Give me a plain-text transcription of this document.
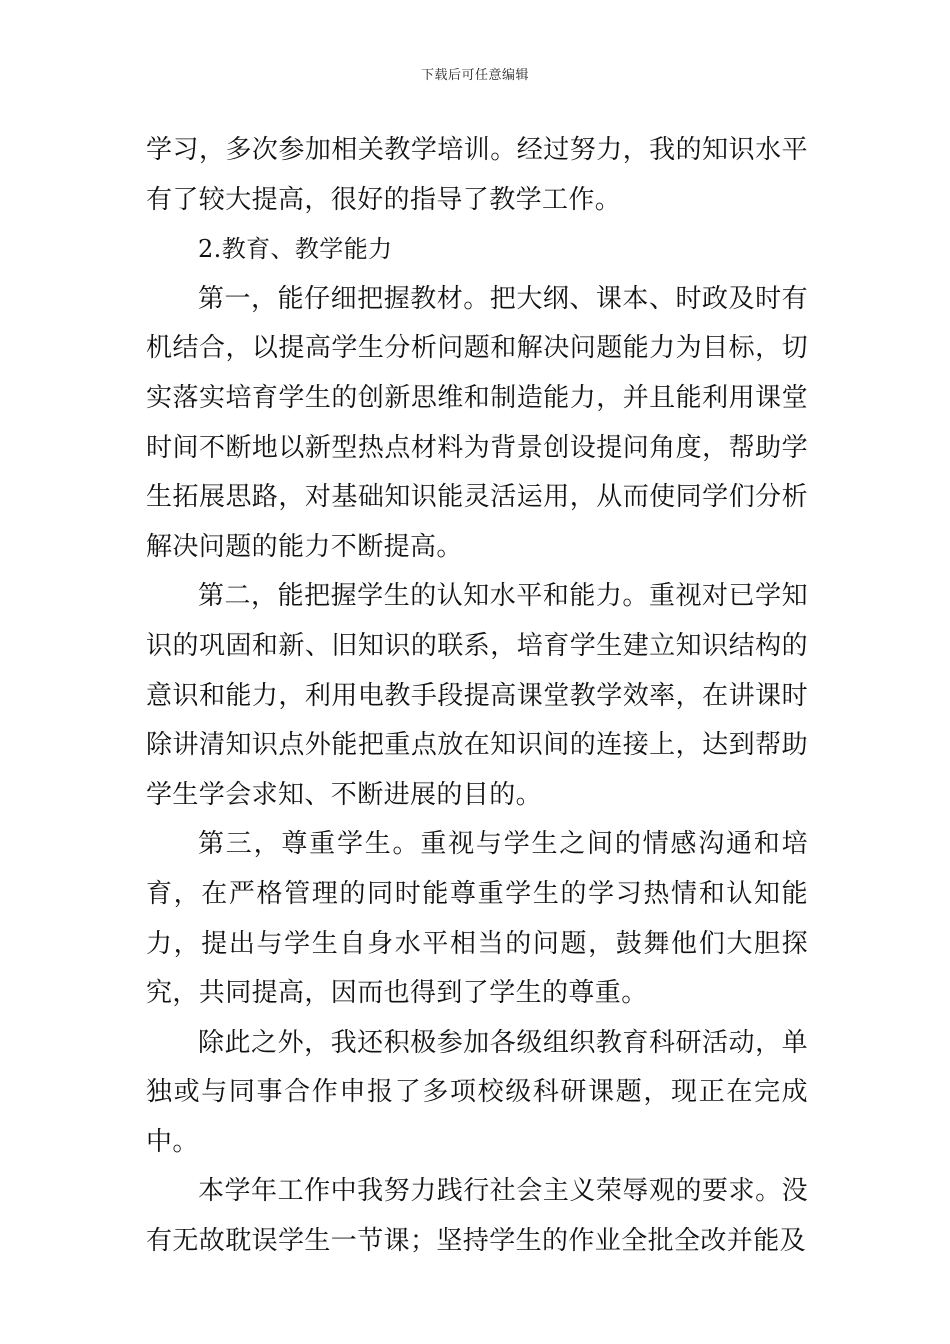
下载后可任意编辑

学习，多次参加相关教学培训。经过努力，我的知识水平有了较大提高，很好的指导了教学工作。

2.教育、教学能力

第一，能仔细把握教材。把大纲、课本、时政及时有机结合，以提高学生分析问题和解决问题能力为目标，切实落实培育学生的创新思维和制造能力，并且能利用课堂时间不断地以新型热点材料为背景创设提问角度，帮助学生拓展思路，对基础知识能灵活运用，从而使同学们分析解决问题的能力不断提高。

第二，能把握学生的认知水平和能力。重视对已学知识的巩固和新、旧知识的联系，培育学生建立知识结构的意识和能力，利用电教手段提高课堂教学效率，在讲课时除讲清知识点外能把重点放在知识间的连接上，达到帮助学生学会求知、不断进展的目的。

第三，尊重学生。重视与学生之间的情感沟通和培育，在严格管理的同时能尊重学生的学习热情和认知能力，提出与学生自身水平相当的问题，鼓舞他们大胆探究，共同提高，因而也得到了学生的尊重。

除此之外，我还积极参加各级组织教育科研活动，单独或与同事合作申报了多项校级科研课题，现正在完成中。

本学年工作中我努力践行社会主义荣辱观的要求。没有无故耽误学生一节课；坚持学生的作业全批全改并能及
